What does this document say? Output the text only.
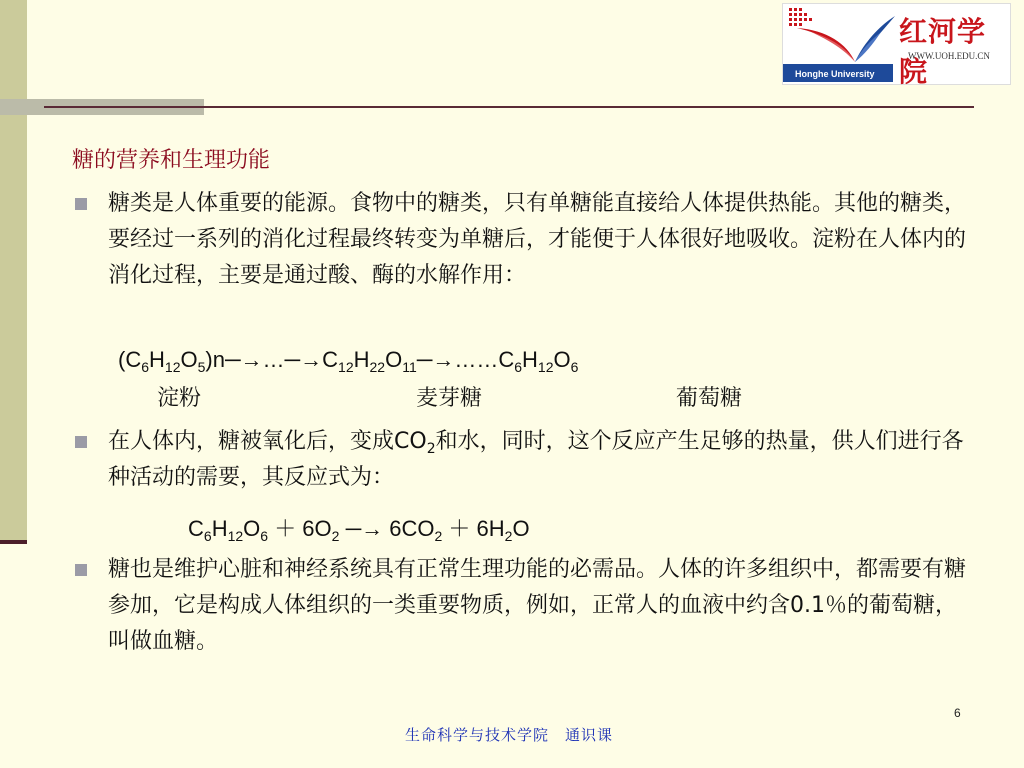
红河学院
WWW.UOH.EDU.CN
Honghe University
糖的营养和生理功能
糖类是人体重要的能源。食物中的糖类，只有单糖能直接给人体提供热能。其他的糖类，要经过一系列的消化过程最终转变为单糖后，才能便于人体很好地吸收。淀粉在人体内的消化过程，主要是通过酸、酶的水解作用：
$(C_6H_{12}O_5)n─\to\dots─\to C_{12}H_{22}O_{11}─\to\dots\dots C_6H_{12}O_6$
淀粉	麦芽糖	葡萄糖
在人体内，糖被氧化后，变成$CO_2$和水，同时，这个反应产生足够的热量，供人们进行各种活动的需要，其反应式为：
$C_6H_{12}O_6 + 6O_2$ ─→ $6CO_2 + 6H_2O$
糖也是维护心脏和神经系统具有正常生理功能的必需品。人体的许多组织中，都需要有糖参加，它是构成人体组织的一类重要物质，例如，正常人的血液中约含0.1％的葡萄糖，叫做血糖。
6
生命科学与技术学院　通识课
